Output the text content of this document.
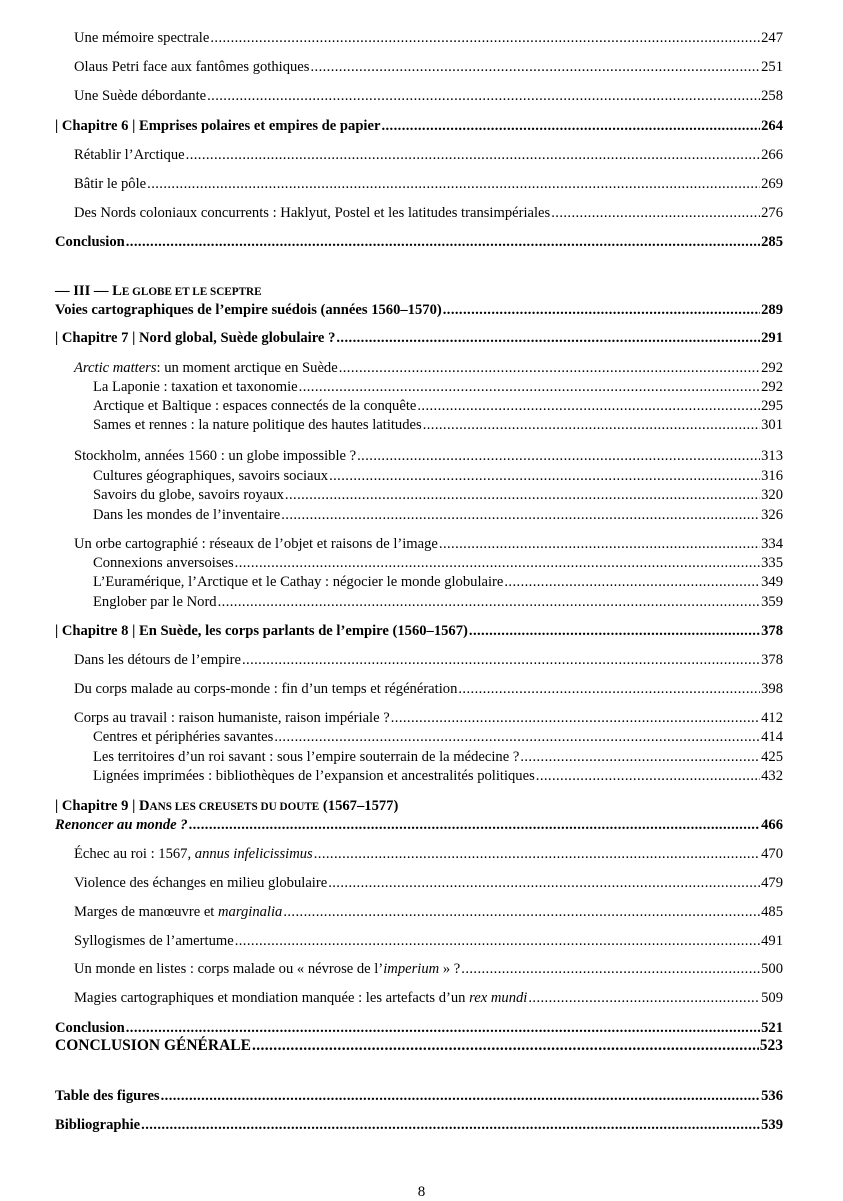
Une mémoire spectrale .....	247
Olaus Petri face aux fantômes gothiques .....	251
Une Suède débordante .....	258
| Chapitre 6 | Emprises polaires et empires de papier .....	264
Rétablir l’Arctique .....	266
Bâtir le pôle .....	269
Des Nords coloniaux concurrents : Haklyut, Postel et les latitudes transimpériales .....	276
Conclusion .....	285
— III — LE GLOBE ET LE SCEPTRE
Voies cartographiques de l’empire suédois (années 1560–1570) .....	289
| Chapitre 7 | Nord global, Suède globulaire ? .....	291
Arctic matters: un moment arctique en Suède .....	292
La Laponie : taxation et taxonomie .....	292
Arctique et Baltique : espaces connectés de la conquête .....	295
Sames et rennes : la nature politique des hautes latitudes .....	301
Stockholm, années 1560 : un globe impossible ? .....	313
Cultures géographiques, savoirs sociaux .....	316
Savoirs du globe, savoirs royaux .....	320
Dans les mondes de l’inventaire .....	326
Un orbe cartographié : réseaux de l’objet et raisons de l’image .....	334
Connexions anversoises .....	335
L’Euramérique, l’Arctique et le Cathay : négocier le monde globulaire .....	349
Englober par le Nord .....	359
| Chapitre 8 | En Suède, les corps parlants de l’empire (1560–1567) .....	378
Dans les détours de l’empire .....	378
Du corps malade au corps-monde : fin d’un temps et régénération .....	398
Corps au travail : raison humaniste, raison impériale ? .....	412
Centres et périphéries savantes .....	414
Les territoires d’un roi savant : sous l’empire souterrain de la médecine ? .....	425
Lignées imprimées : bibliothèques de l’expansion et ancestralités politiques .....	432
| Chapitre 9 | DANS LES CREUSETS DU DOUTE (1567–1577)
Renoncer au monde ? .....	466
Échec au roi : 1567, annus infelicissimus .....	470
Violence des échanges en milieu globulaire .....	479
Marges de manœuvre et marginalia .....	485
Syllogismes de l’amertume .....	491
Un monde en listes : corps malade ou « névrose de l’imperium » ? .....	500
Magies cartographiques et mondiation manquée : les artefacts d’un rex mundi .....	509
Conclusion .....	521
CONCLUSION GÉNÉRALE .....	523
Table des figures .....	536
Bibliographie .....	539
8
